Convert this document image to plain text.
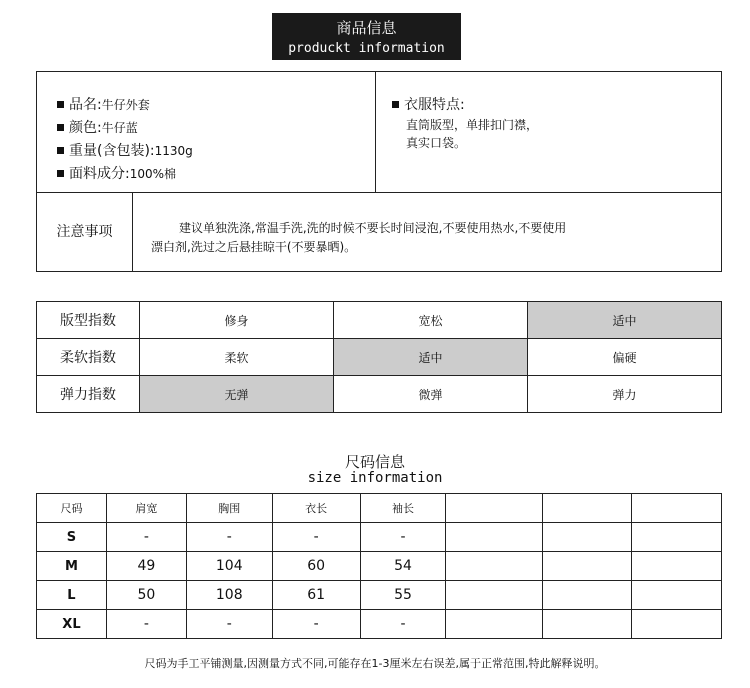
商品信息
produckt information
品名:牛仔外套
颜色:牛仔蓝
重量(含包装):1130g
面料成分:100%棉
衣服特点:
直筒版型，单排扣门襟，
真实口袋。
注意事项	建议单独洗涤,常温手洗,洗的时候不要长时间浸泡,不要使用热水,不要使用漂白剂,洗过之后悬挂晾干(不要暴晒)。
版型指数	修身	宽松	适中
柔软指数	柔软	适中	偏硬
弹力指数	无弹	微弹	弹力
尺码信息
size information
尺码	肩宽	胸围	衣长	袖长			
S	-	-	-	-			
M	49	104	60	54			
L	50	108	61	55			
XL	-	-	-	-			
尺码为手工平铺测量,因测量方式不同,可能存在1-3厘米左右误差,属于正常范围,特此解释说明。
